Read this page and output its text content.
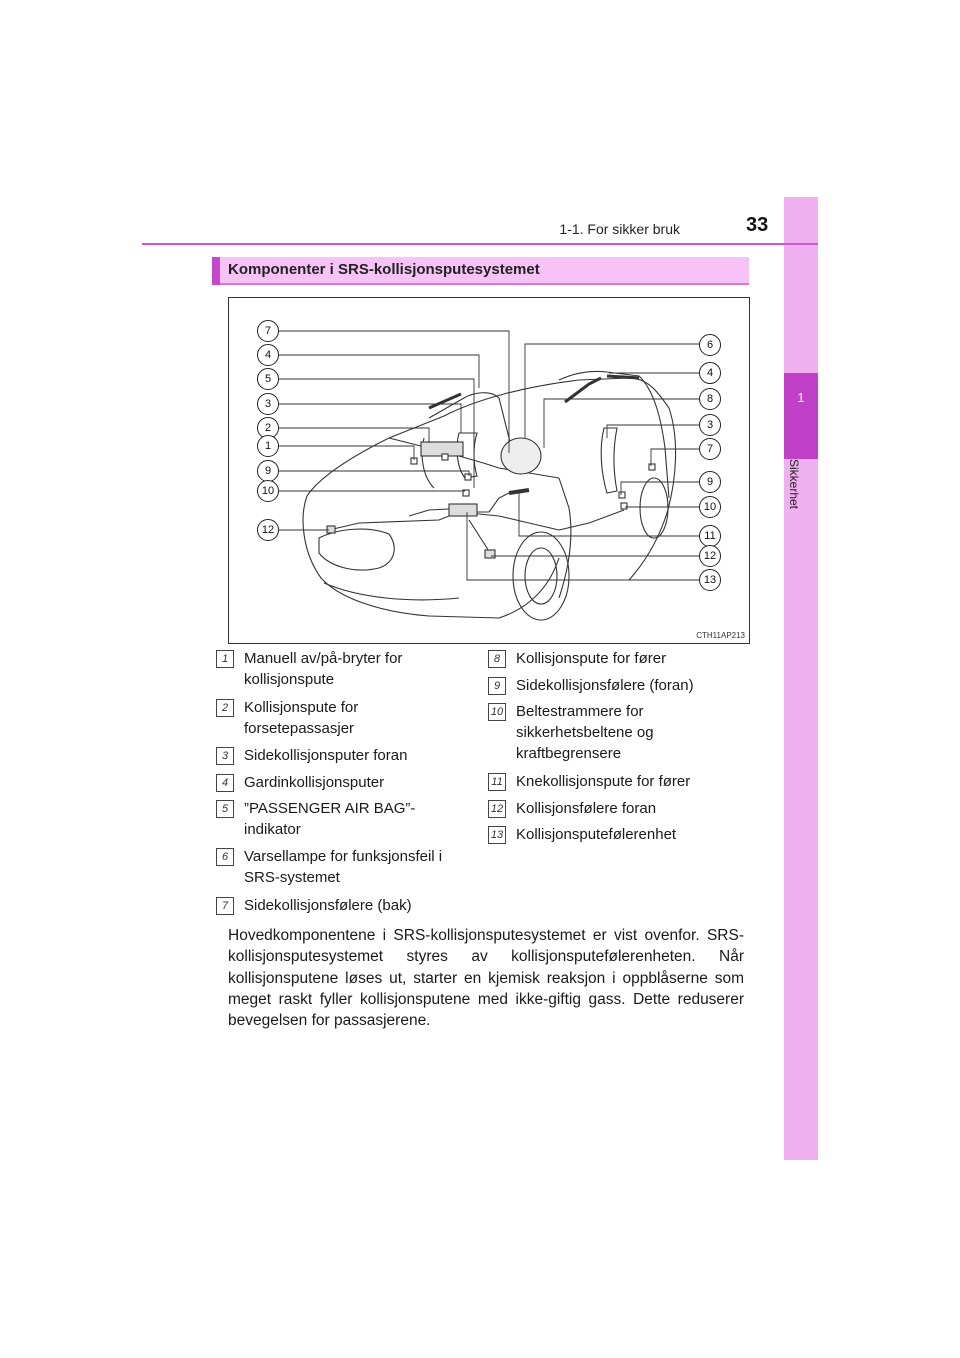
1
Sikkerhet
1-1. For sikker bruk	33
Komponenter i SRS-kollisjonsputesystemet
7
4
5
3
2
1
9
10
12
6
4
8
3
7
9
10
11
12
13
CTH11AP213
1	Manuell av/på-bryter for
kollisjonspute
2	Kollisjonspute for
forsetepassasjer
3	Sidekollisjonsputer foran
4	Gardinkollisjonsputer
5	”PASSENGER AIR BAG”-
indikator
6	Varsellampe for funksjonsfeil i
SRS-systemet
7	Sidekollisjonsfølere (bak)
8	Kollisjonspute for fører
9	Sidekollisjonsfølere (foran)
10 Beltestrammere for
sikkerhetsbeltene og
kraftbegrensere
11 Knekollisjonspute for fører
12 Kollisjonsfølere foran
13 Kollisjonsputefølerenhet
Hovedkomponentene i SRS-kollisjonsputesystemet er vist ovenfor. SRS-kollisjonsputesystemet styres av kollisjonsputefølerenheten. Når kollisjonsputene løses ut, starter en kjemisk reaksjon i oppblåserne som meget raskt fyller kollisjonsputene med ikke-giftig gass. Dette reduserer bevegelsen for passasjerene.
